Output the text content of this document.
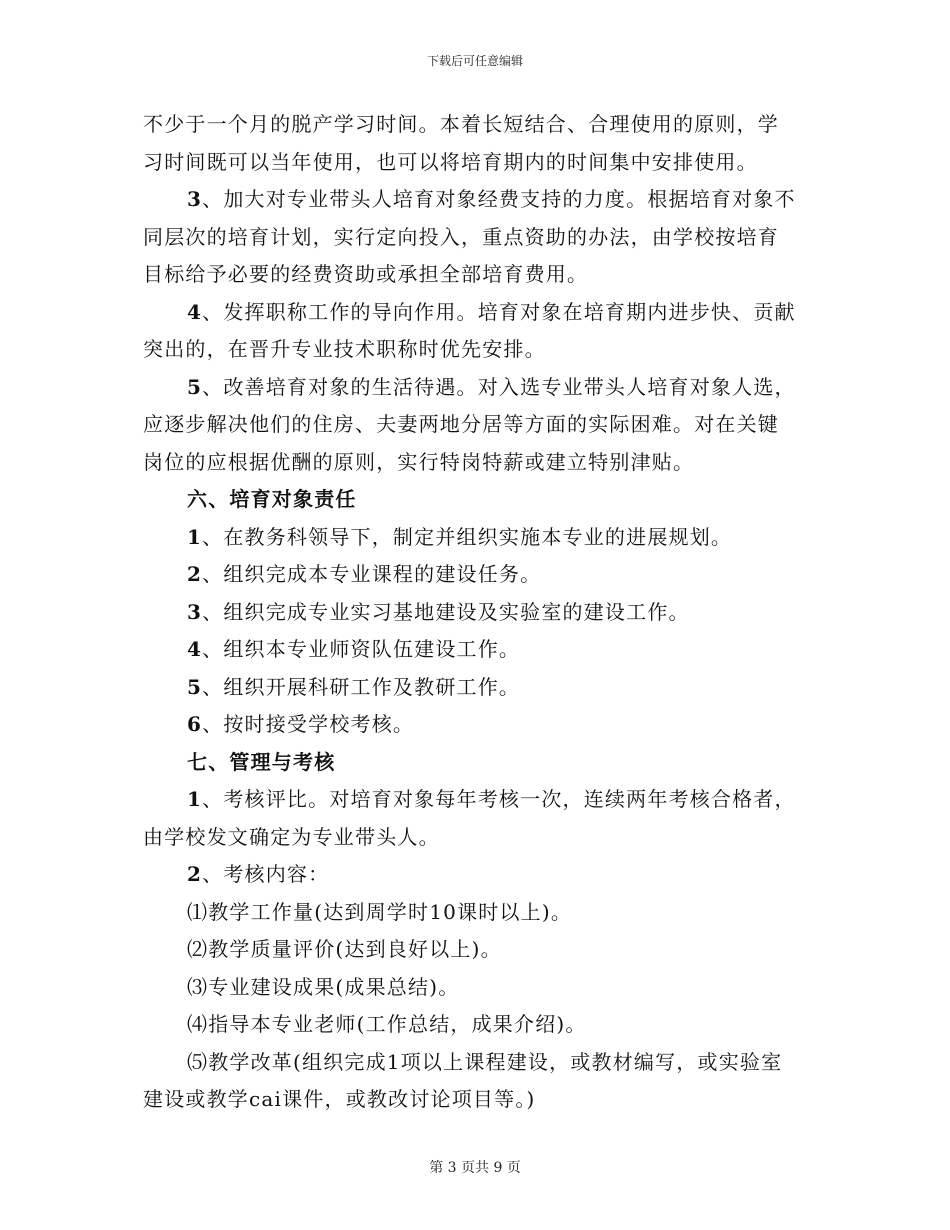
下载后可任意编辑

不少于一个月的脱产学习时间。本着长短结合、合理使用的原则，学

习时间既可以当年使用，也可以将培育期内的时间集中安排使用。

3、加大对专业带头人培育对象经费支持的力度。根据培育对象不

同层次的培育计划，实行定向投入，重点资助的办法，由学校按培育

目标给予必要的经费资助或承担全部培育费用。

4、发挥职称工作的导向作用。培育对象在培育期内进步快、贡献

突出的，在晋升专业技术职称时优先安排。

5、改善培育对象的生活待遇。对入选专业带头人培育对象人选，

应逐步解决他们的住房、夫妻两地分居等方面的实际困难。对在关键

岗位的应根据优酬的原则，实行特岗特薪或建立特别津贴。

六、培育对象责任

1、在教务科领导下，制定并组织实施本专业的进展规划。

2、组织完成本专业课程的建设任务。

3、组织完成专业实习基地建设及实验室的建设工作。

4、组织本专业师资队伍建设工作。

5、组织开展科研工作及教研工作。

6、按时接受学校考核。

七、管理与考核

1、考核评比。对培育对象每年考核一次，连续两年考核合格者，

由学校发文确定为专业带头人。

2、考核内容：

⑴教学工作量(达到周学时10课时以上)。

⑵教学质量评价(达到良好以上)。

⑶专业建设成果(成果总结)。

⑷指导本专业老师(工作总结，成果介绍)。

⑸教学改革(组织完成1项以上课程建设，或教材编写，或实验室

建设或教学cai课件，或教改讨论项目等。)

第 3 页共 9 页
